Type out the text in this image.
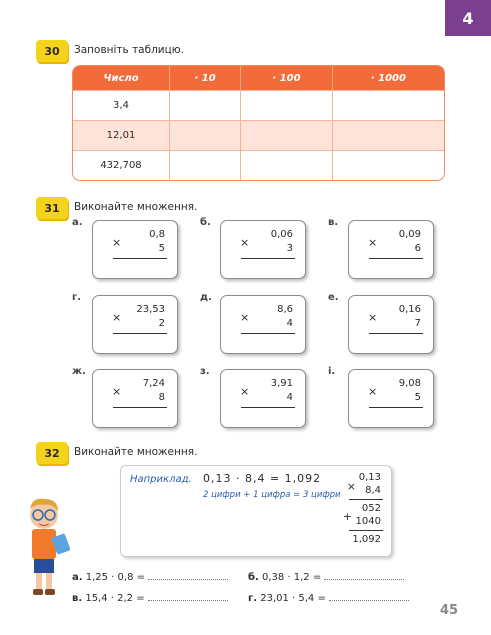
4
30	Заповніть таблицю.
Число	· 10	· 100	· 1000
3,4			
12,01			
432,708			
31	Виконайте множення.
а.
0,8
×	5
б.
0,06
×	3
в.
0,09
×	6
г.
23,53
×	2
д.
8,6
×	4
е.
0,16
×	7
ж.
7,24
×	8
з.
3,91
×	4
і.
9,08
×	5
32	Виконайте множення.
Наприклад. 0,13 · 8,4 = 1,092
2 цифри + 1 цифра = 3 цифри
0,13
× 8,4
052
+ 1040
1,092
а. 1,25 · 0,8 =	б. 0,38 · 1,2 =
в. 15,4 · 2,2 =	г. 23,01 · 5,4 =
45
